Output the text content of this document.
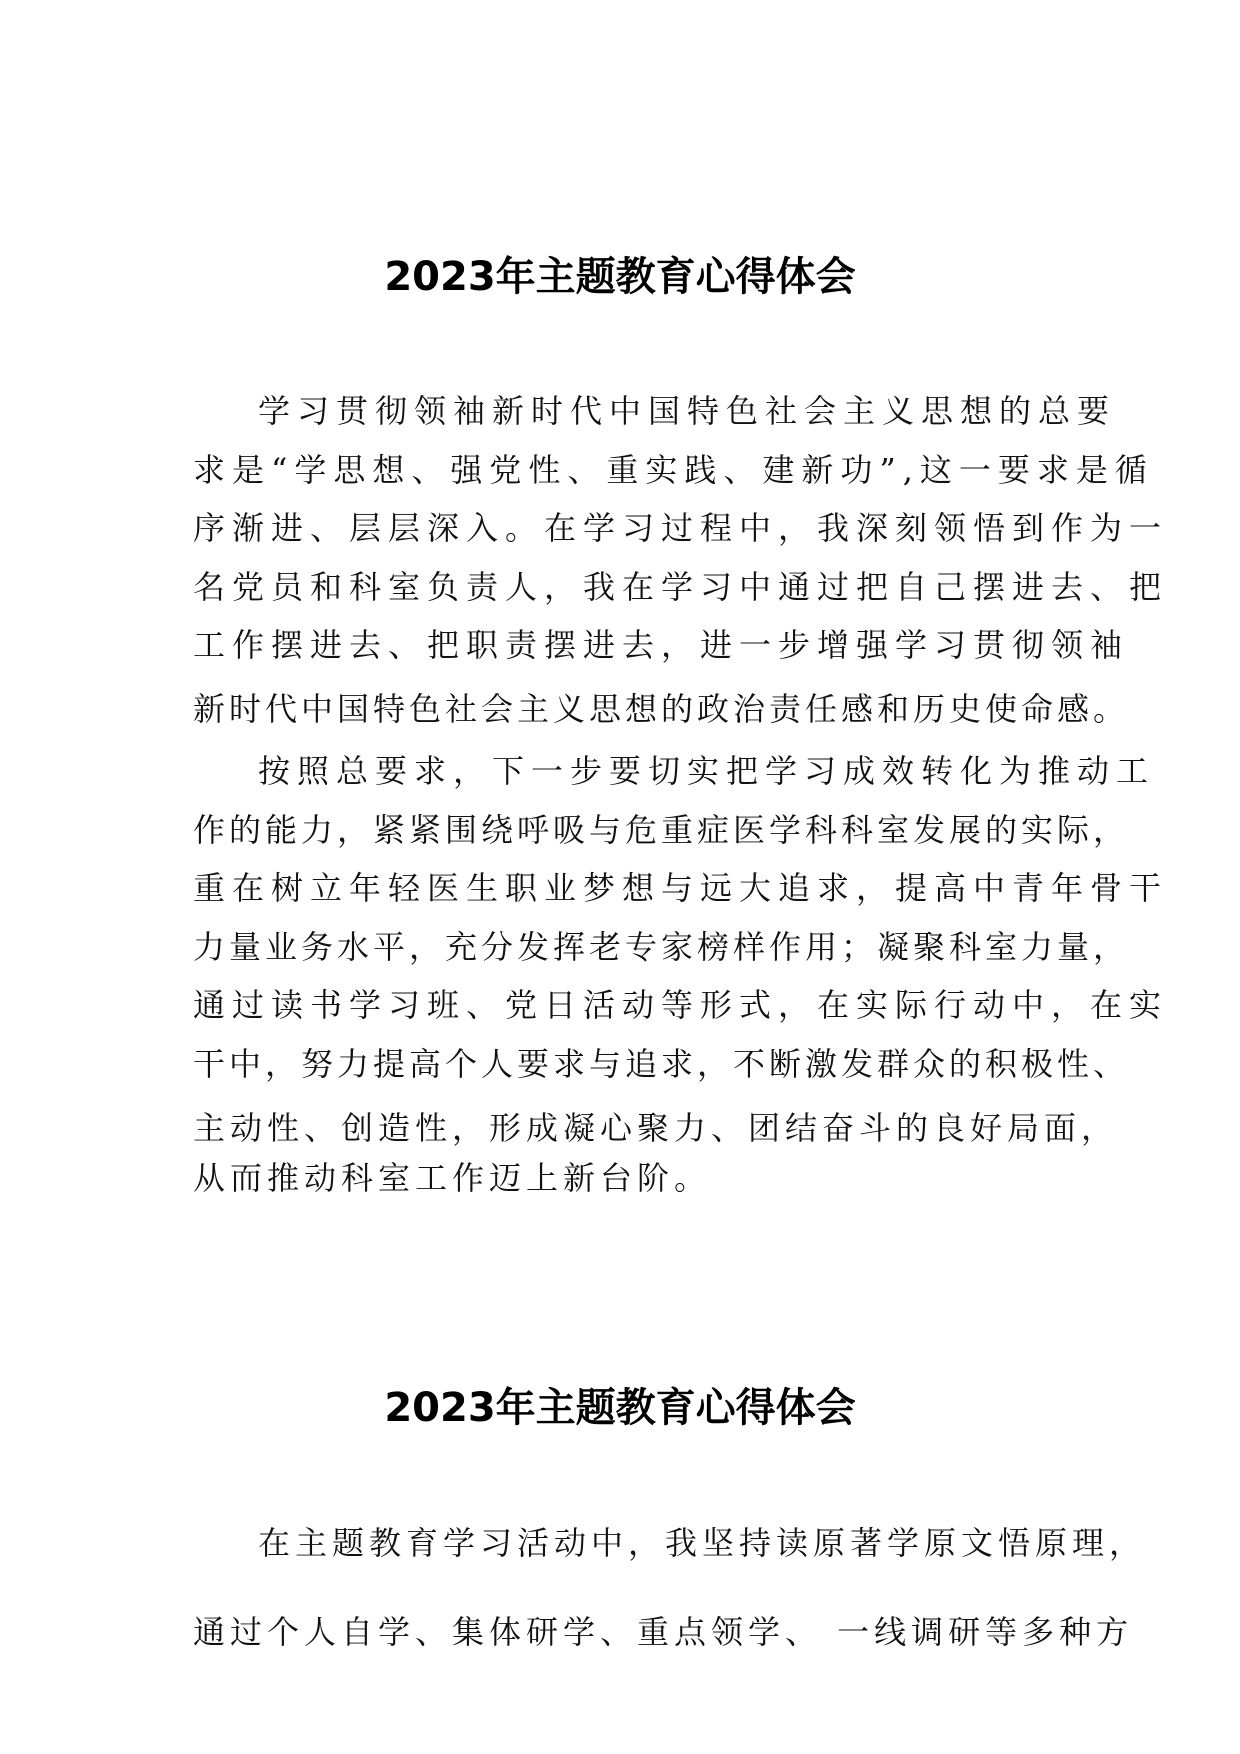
2023年主题教育心得体会

学习贯彻领袖新时代中国特色社会主义思想的总要

求是“学思想、强党性、重实践、建新功”,这一要求是循

序渐进、层层深入。在学习过程中，我深刻领悟到作为一

名党员和科室负责人，我在学习中通过把自己摆进去、把

工作摆进去、把职责摆进去，进一步增强学习贯彻领袖

新时代中国特色社会主义思想的政治责任感和历史使命感。

按照总要求，下一步要切实把学习成效转化为推动工

作的能力，紧紧围绕呼吸与危重症医学科科室发展的实际，

重在树立年轻医生职业梦想与远大追求，提高中青年骨干

力量业务水平，充分发挥老专家榜样作用；凝聚科室力量，

通过读书学习班、党日活动等形式，在实际行动中，在实

干中，努力提高个人要求与追求，不断激发群众的积极性、

主动性、创造性，形成凝心聚力、团结奋斗的良好局面，

从而推动科室工作迈上新台阶。

2023年主题教育心得体会

在主题教育学习活动中，我坚持读原著学原文悟原理，

通过个人自学、集体研学、重点领学、 一线调研等多种方
